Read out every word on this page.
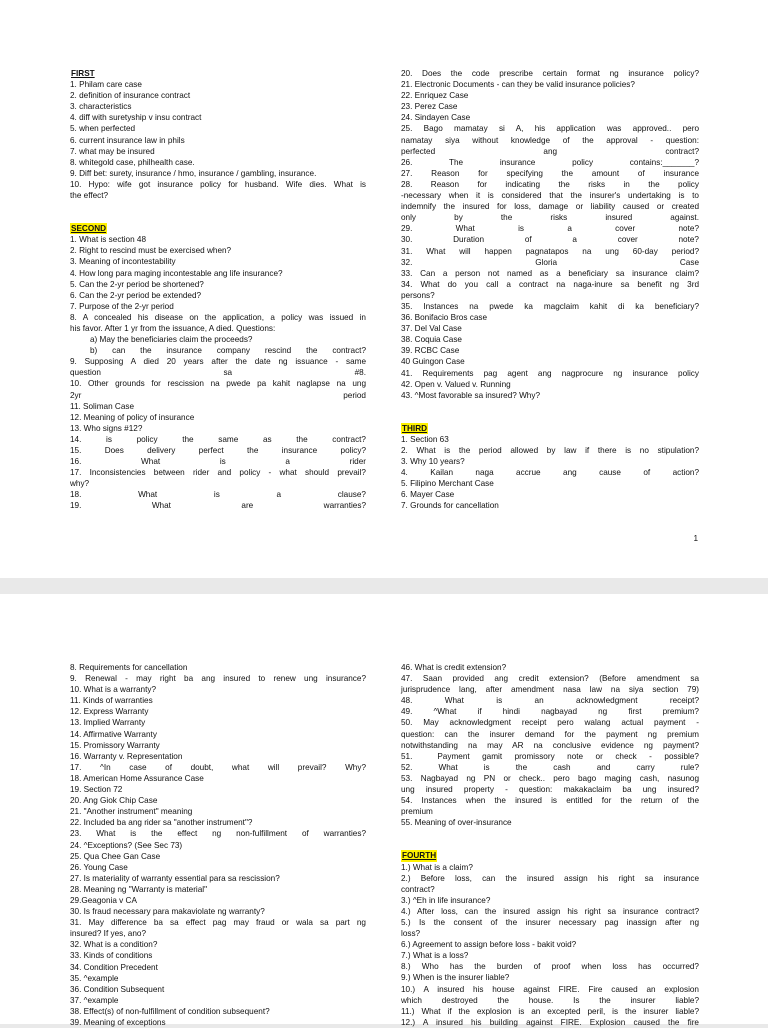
FIRST
1. Philam care case
2. definition of insurance contract
3. characteristics
4. diff with suretyship v insu contract
5. when perfected
6. current insurance law in phils
7. what may be insured
8. whitegold case, philhealth case.
9. Diff bet: surety, insurance / hmo, insurance / gambling, insurance.
10. Hypo: wife got insurance policy for husband. Wife dies. What is
the effect?
SECOND
1. What is section 48
2. Right to rescind must be exercised when?
3. Meaning of incontestability
4. How long para maging incontestable ang life insurance?
5. Can the 2-yr period be shortened?
6. Can the 2-yr period be extended?
7. Purpose of the 2-yr period
8. A concealed his disease on the application, a policy was issued in
his favor. After 1 yr from the issuance, A died. Questions:
a) May the beneficiaries claim the proceeds?
b) can the insurance company rescind the contract?
9. Supposing A died 20 years after the date ng issuance - same
question                                          sa                                          #8.
10. Other grounds for rescission na pwede pa kahit naglapse na ung
2yr                                                                                            period
11. Soliman Case
12. Meaning of policy of insurance
13. Who signs #12?
14.      is      policy      the      same      as      the      contract?
15.    Does    delivery    perfect    the    insurance    policy?
16.              What              is              a              rider
17. Inconsistencies between rider and policy - what should prevail?
why?
18.              What              is              a              clause?
19.              What              are              warranties?
20. Does the code prescribe certain format ng insurance policy?
21. Electronic Documents - can they be valid insurance policies?
22. Enriquez Case
23. Perez Case
24. Sindayen Case
25. Bago mamatay si A, his application was approved.. pero
namatay siya without knowledge of the approval - question:
perfected                          ang                          contract?
26.        The        insurance        policy        contains:_______?
27.    Reason    for    specifying    the    amount    of    insurance
28.   Reason   for   indicating   the   risks   in   the   policy
-necessary when it is considered that the insurer's undertaking is to
indemnify the insured for loss, damage or liability caused or created
only          by          the          risks          insured          against.
29.              What              is              a              cover              note?
30.          Duration          of          a          cover          note?
31. What will happen pagnatapos na ung 60-day period?
32.                         Gloria                         Case
33. Can a person not named as a beneficiary sa insurance claim?
34. What do you call a contract na naga-inure sa benefit ng 3rd
persons?
35. Instances na pwede ka magclaim kahit di ka beneficiary?
36. Bonifacio Bros case
37. Del Val Case
38. Coquia Case
39. RCBC Case
40 Guingon Case
41. Requirements pag agent ang nagprocure ng insurance policy
42. Open v. Valued v. Running
43. ^Most favorable sa insured? Why?
THIRD
1. Section 63
2. What is the period allowed by law if there is no stipulation?
3. Why 10 years?
4.     Kailan     naga     accrue     ang     cause     of     action?
5. Filipino Merchant Case
6. Mayer Case
7. Grounds for cancellation
1
8. Requirements for cancellation
9. Renewal - may right ba ang insured to renew ung insurance?
10. What is a warranty?
11. Kinds of warranties
12. Express Warranty
13. Implied Warranty
14. Affirmative Warranty
15. Promissory Warranty
16. Warranty v. Representation
17.    ^In    case    of    doubt,    what    will    prevail?    Why?
18. American Home Assurance Case
19. Section 72
20. Ang Giok Chip Case
21. "Another instrument" meaning
22. Included ba ang rider sa "another instrument"?
23.   What   is   the   effect   ng   non-fulfillment   of   warranties?
24. ^Exceptions? (See Sec 73)
25. Qua Chee Gan Case
26. Young Case
27. Is materiality of warranty essential para sa rescission?
28. Meaning ng "Warranty is material"
29.Geagonia v CA
30. Is fraud necessary para makaviolate ng warranty?
31. May difference ba sa effect pag may fraud or wala sa part ng
insured? If yes, ano?
32. What is a condition?
33. Kinds of conditions
34. Condition Precedent
35. ^example
36. Condition Subsequent
37. ^example
38. Effect(s) of non-fulfillment of condition subsequent?
39. Meaning of exceptions
46. What is credit extension?
47. Saan provided ang credit extension? (Before amendment sa
jurisprudence lang, after amendment nasa law na siya section 79)
48.        What        is        an        acknowledgment        receipt?
49.    ^What    if    hindi    nagbayad    ng    first    premium?
50. May acknowledgment receipt pero walang actual payment -
question: can the insurer demand for the payment ng premium
notwithstanding na may AR na conclusive evidence ng payment?
51.  Payment gamit promissory note or check - possible?
52.        What        is        the        cash        and        carry        rule?
53. Nagbayad ng PN or check.. pero bago maging cash, nasunog
ung insured property - question: makakaclaim ba ung insured?
54. Instances when the insured is entitled for the return of the
premium
55. Meaning of over-insurance
FOURTH
1.) What is a claim?
2.)  Before  loss,  can  the  insured  assign  his  right  sa  insurance
contract?
3.) ^Eh in life insurance?
4.) After loss, can the insured assign his right sa insurance contract?
5.) Is the consent of the insurer necessary pag inassign after ng
loss?
6.) Agreement to assign before loss - bakit void?
7.) What is a loss?
8.)  Who  has  the  burden  of  proof  when  loss  has  occurred?
9.) When is the insurer liable?
10.) A insured his house against FIRE. Fire caused an explosion
which      destroyed      the      house.      Is      the      insurer      liable?
11.) What if the explosion is an excepted peril, is the insurer liable?
12.) A insured his building against FIRE. Explosion caused the fire
